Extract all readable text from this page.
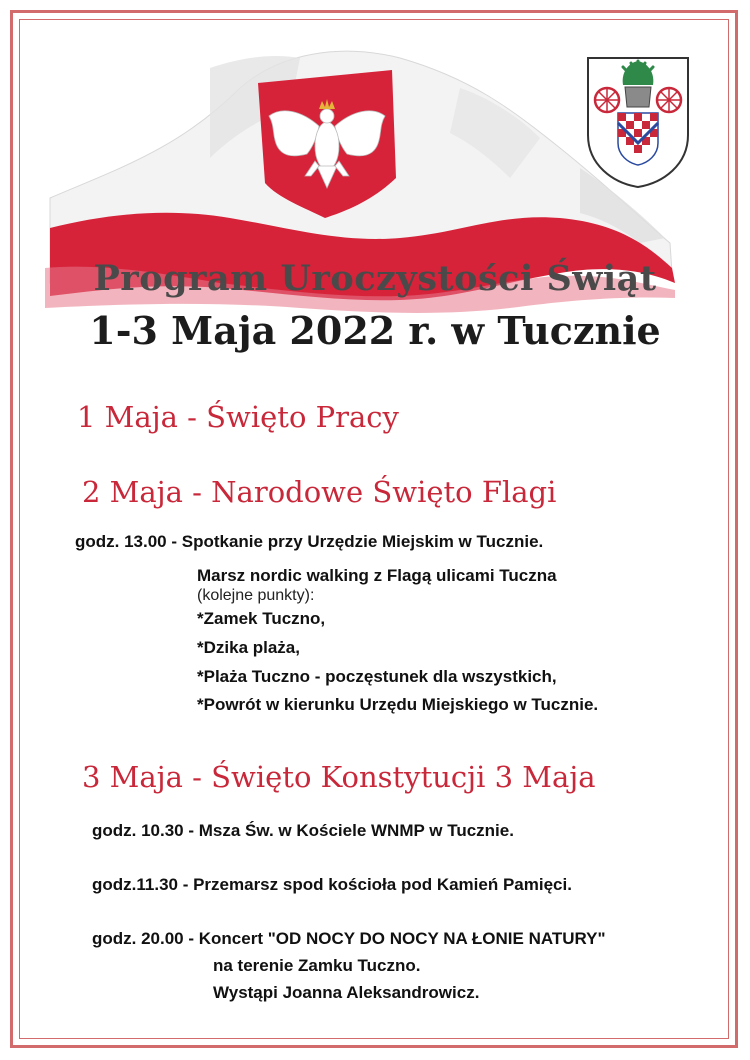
Program Uroczystości Świąt
1-3 Maja 2022 r. w Tucznie
1 Maja - Święto Pracy
2 Maja - Narodowe Święto Flagi
godz. 13.00 - Spotkanie przy Urzędzie Miejskim w Tucznie.
Marsz nordic walking z Flagą ulicami Tuczna
(kolejne punkty):
*Zamek Tuczno,
*Dzika plaża,
*Plaża Tuczno - poczęstunek dla wszystkich,
*Powrót w kierunku Urzędu Miejskiego w Tucznie.
3 Maja - Święto Konstytucji 3 Maja
godz. 10.30 - Msza Św. w Kościele WNMP w Tucznie.
godz.11.30 - Przemarsz spod kościoła pod Kamień Pamięci.
godz. 20.00 - Koncert "OD NOCY DO NOCY NA ŁONIE NATURY"
na terenie Zamku Tuczno.
Wystąpi Joanna Aleksandrowicz.
